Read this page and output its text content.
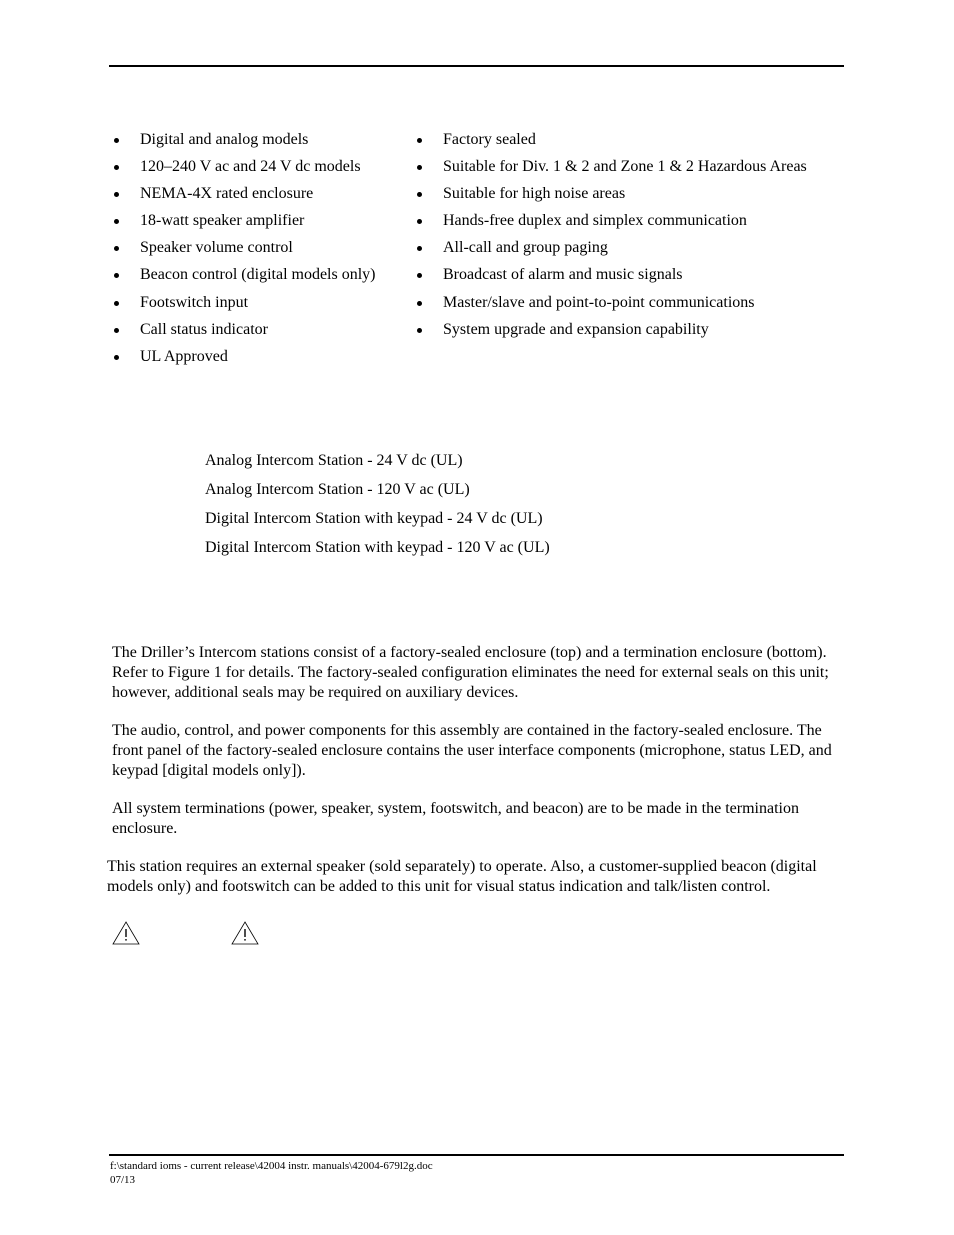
Digital and analog models
120–240 V ac and 24 V dc models
NEMA-4X rated enclosure
18-watt speaker amplifier
Speaker volume control
Beacon control (digital models only)
Footswitch input
Call status indicator
UL Approved
Factory sealed
Suitable for Div. 1 & 2 and Zone 1 & 2 Hazardous Areas
Suitable for high noise areas
Hands-free duplex and simplex communication
All-call and group paging
Broadcast of alarm and music signals
Master/slave and point-to-point communications
System upgrade and expansion capability
Analog Intercom Station - 24 V dc (UL)
Analog Intercom Station - 120 V ac (UL)
Digital Intercom Station with keypad - 24 V dc (UL)
Digital Intercom Station with keypad - 120 V ac (UL)

The Driller’s Intercom stations consist of a factory-sealed enclosure (top) and a termination enclosure (bottom). Refer to Figure 1 for details. The factory-sealed configuration eliminates the need for external seals on this unit; however, additional seals may be required on auxiliary devices.

The audio, control, and power components for this assembly are contained in the factory-sealed enclosure. The front panel of the factory-sealed enclosure contains the user interface components (microphone, status LED, and keypad [digital models only]).

All system terminations (power, speaker, system, footswitch, and beacon) are to be made in the termination enclosure.

This station requires an external speaker (sold separately) to operate. Also, a customer-supplied beacon (digital models only) and footswitch can be added to this unit for visual status indication and talk/listen control.

f:\standard ioms - current release\42004 instr. manuals\42004-679l2g.doc
07/13
